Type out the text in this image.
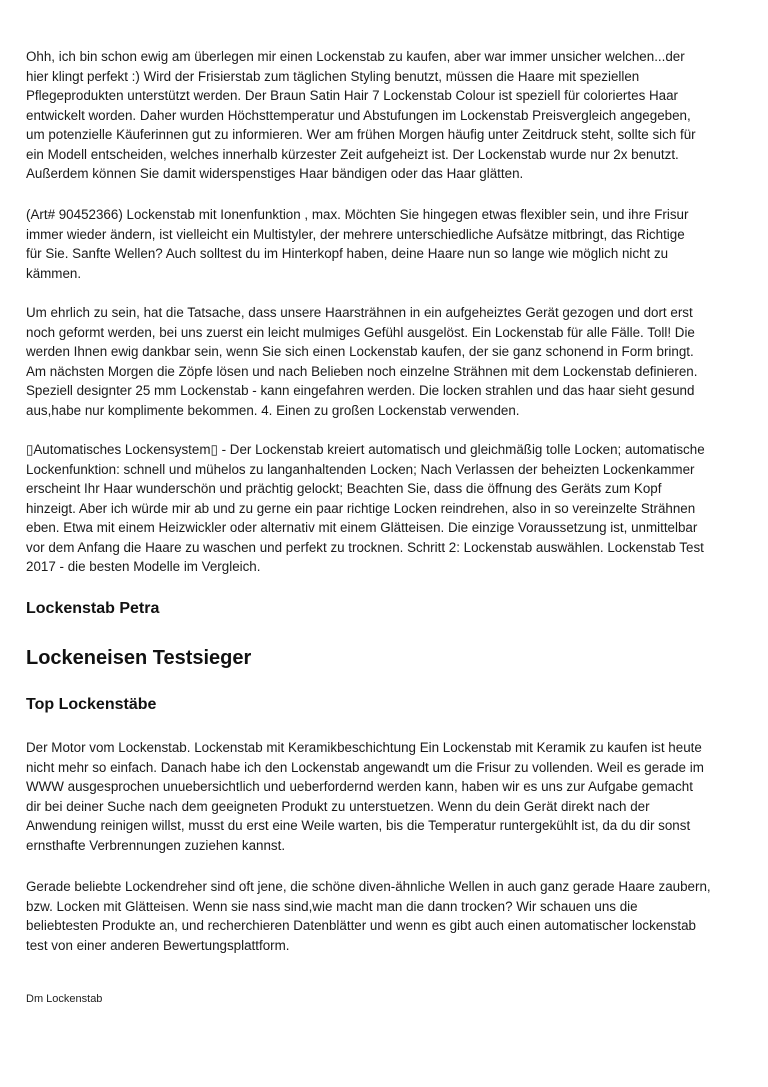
Ohh, ich bin schon ewig am überlegen mir einen Lockenstab zu kaufen, aber war immer unsicher welchen...der
hier klingt perfekt :) Wird der Frisierstab zum täglichen Styling benutzt, müssen die Haare mit speziellen
Pflegeprodukten unterstützt werden. Der Braun Satin Hair 7 Lockenstab Colour ist speziell für coloriertes Haar
entwickelt worden. Daher wurden Höchsttemperatur und Abstufungen im Lockenstab Preisvergleich angegeben,
um potenzielle Käuferinnen gut zu informieren. Wer am frühen Morgen häufig unter Zeitdruck steht, sollte sich für
ein Modell entscheiden, welches innerhalb kürzester Zeit aufgeheizt ist. Der Lockenstab wurde nur 2x benutzt.
Außerdem können Sie damit widerspenstiges Haar bändigen oder das Haar glätten.
(Art# 90452366) Lockenstab mit Ionenfunktion , max. Möchten Sie hingegen etwas flexibler sein, und ihre Frisur
immer wieder ändern, ist vielleicht ein Multistyler, der mehrere unterschiedliche Aufsätze mitbringt, das Richtige
für Sie. Sanfte Wellen? Auch solltest du im Hinterkopf haben, deine Haare nun so lange wie möglich nicht zu
kämmen.
Um ehrlich zu sein, hat die Tatsache, dass unsere Haarsträhnen in ein aufgeheiztes Gerät gezogen und dort erst
noch geformt werden, bei uns zuerst ein leicht mulmiges Gefühl ausgelöst. Ein Lockenstab für alle Fälle. Toll! Die
werden Ihnen ewig dankbar sein, wenn Sie sich einen Lockenstab kaufen, der sie ganz schonend in Form bringt.
Am nächsten Morgen die Zöpfe lösen und nach Belieben noch einzelne Strähnen mit dem Lockenstab definieren.
Speziell designter 25 mm Lockenstab - kann eingefahren werden. Die locken strahlen und das haar sieht gesund
aus,habe nur komplimente bekommen. 4. Einen zu großen Lockenstab verwenden.
▯Automatisches Lockensystem▯ - Der Lockenstab kreiert automatisch und gleichmäßig tolle Locken; automatische
Lockenfunktion: schnell und mühelos zu langanhaltenden Locken; Nach Verlassen der beheizten Lockenkammer
erscheint Ihr Haar wunderschön und prächtig gelockt; Beachten Sie, dass die öffnung des Geräts zum Kopf
hinzeigt. Aber ich würde mir ab und zu gerne ein paar richtige Locken reindrehen, also in so vereinzelte Strähnen
eben. Etwa mit einem Heizwickler oder alternativ mit einem Glätteisen. Die einzige Voraussetzung ist, unmittelbar
vor dem Anfang die Haare zu waschen und perfekt zu trocknen. Schritt 2: Lockenstab auswählen. Lockenstab Test
2017 - die besten Modelle im Vergleich.
Lockenstab Petra
Lockeneisen Testsieger
Top Lockenstäbe
Der Motor vom Lockenstab. Lockenstab mit Keramikbeschichtung Ein Lockenstab mit Keramik zu kaufen ist heute
nicht mehr so einfach. Danach habe ich den Lockenstab angewandt um die Frisur zu vollenden. Weil es gerade im
WWW ausgesprochen unuebersichtlich und ueberfordernd werden kann, haben wir es uns zur Aufgabe gemacht
dir bei deiner Suche nach dem geeigneten Produkt zu unterstuetzen. Wenn du dein Gerät direkt nach der
Anwendung reinigen willst, musst du erst eine Weile warten, bis die Temperatur runtergekühlt ist, da du dir sonst
ernsthafte Verbrennungen zuziehen kannst.
Gerade beliebte Lockendreher sind oft jene, die schöne diven-ähnliche Wellen in auch ganz gerade Haare zaubern,
bzw. Locken mit Glätteisen. Wenn sie nass sind,wie macht man die dann trocken? Wir schauen uns die
beliebtesten Produkte an, und recherchieren Datenblätter und wenn es gibt auch einen automatischer lockenstab
test von einer anderen Bewertungsplattform.
Dm Lockenstab
